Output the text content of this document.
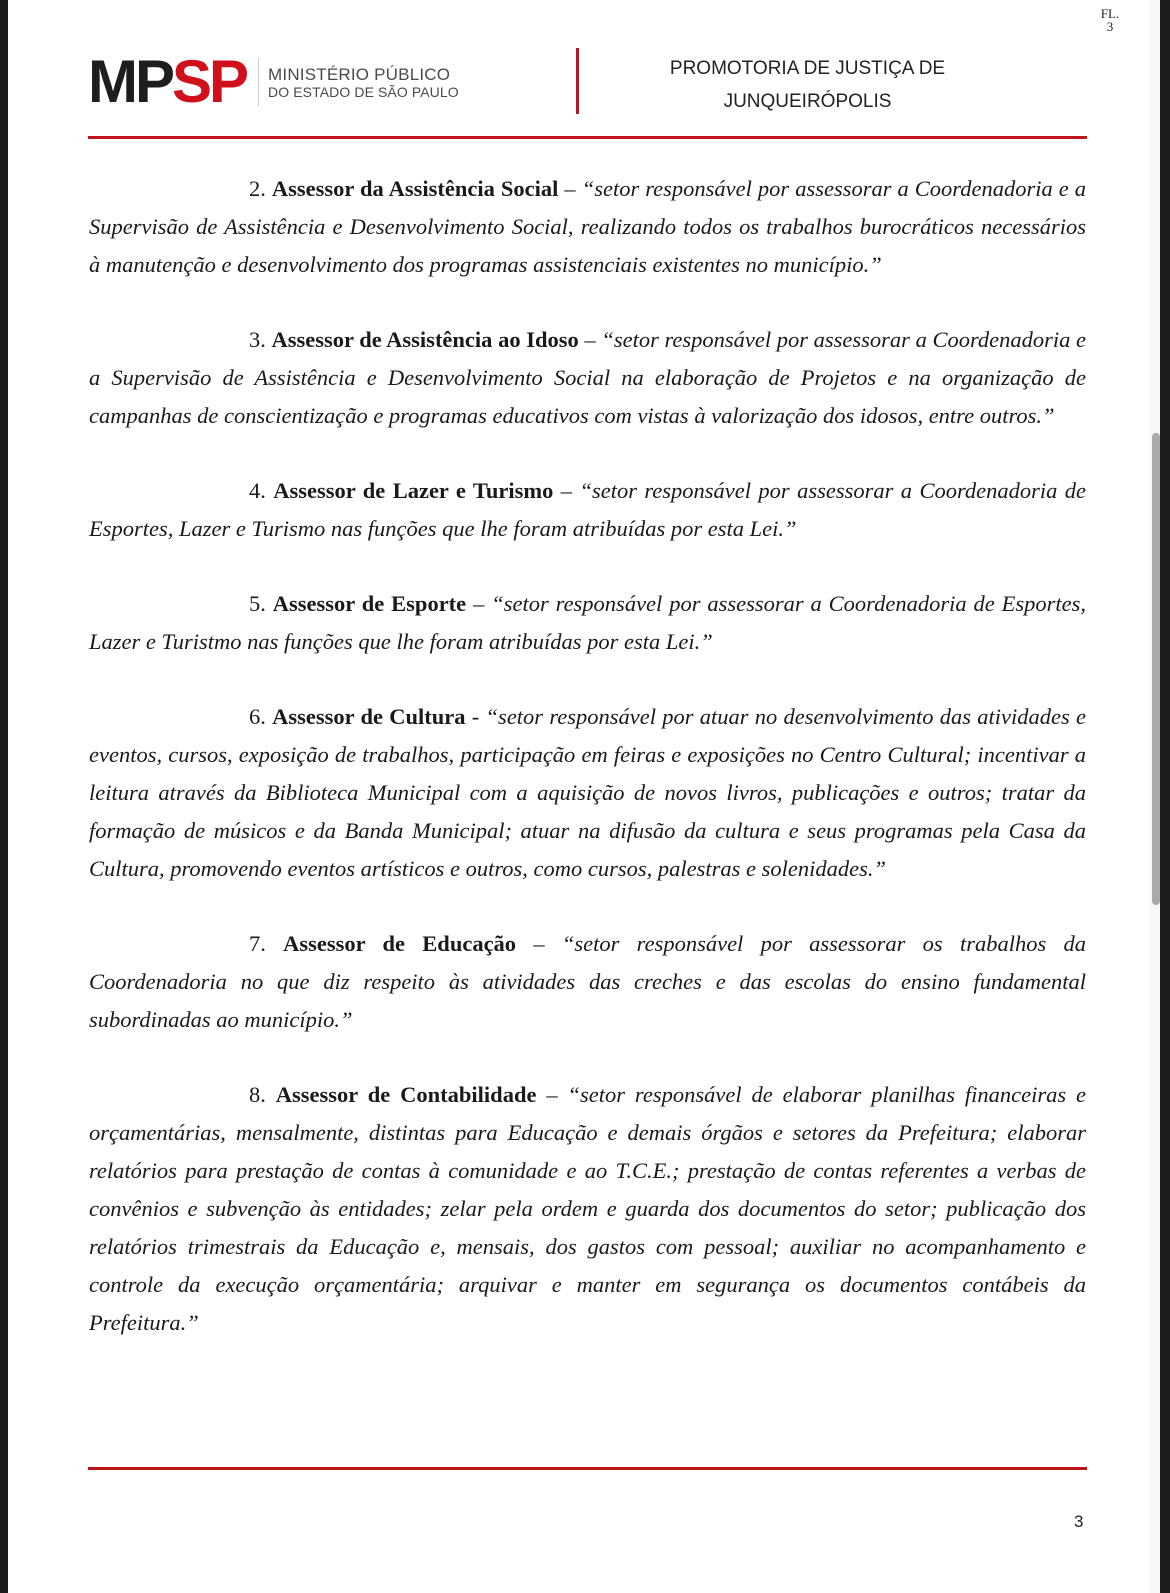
FL.
3
MPSP MINISTÉRIO PÚBLICO
DO ESTADO DE SÃO PAULO
PROMOTORIA DE JUSTIÇA DE
JUNQUEIRÓPOLIS

2. Assessor da Assistência Social – “setor responsável por assessorar a Coordenadoria e a Supervisão de Assistência e Desenvolvimento Social, realizando todos os trabalhos burocráticos necessários à manutenção e desenvolvimento dos programas assistenciais existentes no município.”

3. Assessor de Assistência ao Idoso – “setor responsável por assessorar a Coordenadoria e a Supervisão de Assistência e Desenvolvimento Social na elaboração de Projetos e na organização de campanhas de conscientização e programas educativos com vistas à valorização dos idosos, entre outros.”

4. Assessor de Lazer e Turismo – “setor responsável por assessorar a Coordenadoria de Esportes, Lazer e Turismo nas funções que lhe foram atribuídas por esta Lei.”

5. Assessor de Esporte – “setor responsável por assessorar a Coordenadoria de Esportes, Lazer e Turistmo nas funções que lhe foram atribuídas por esta Lei.”

6. Assessor de Cultura - “setor responsável por atuar no desenvolvimento das atividades e eventos, cursos, exposição de trabalhos, participação em feiras e exposições no Centro Cultural; incentivar a leitura através da Biblioteca Municipal com a aquisição de novos livros, publicações e outros; tratar da formação de músicos e da Banda Municipal; atuar na difusão da cultura e seus programas pela Casa da Cultura, promovendo eventos artísticos e outros, como cursos, palestras e solenidades.”

7. Assessor de Educação – “setor responsável por assessorar os trabalhos da Coordenadoria no que diz respeito às atividades das creches e das escolas do ensino fundamental subordinadas ao município.”

8. Assessor de Contabilidade – “setor responsável de elaborar planilhas financeiras e orçamentárias, mensalmente, distintas para Educação e demais órgãos e setores da Prefeitura; elaborar relatórios para prestação de contas à comunidade e ao T.C.E.; prestação de contas referentes a verbas de convênios e subvenção às entidades; zelar pela ordem e guarda dos documentos do setor; publicação dos relatórios trimestrais da Educação e, mensais, dos gastos com pessoal; auxiliar no acompanhamento e controle da execução orçamentária; arquivar e manter em segurança os documentos contábeis da Prefeitura.”

3
